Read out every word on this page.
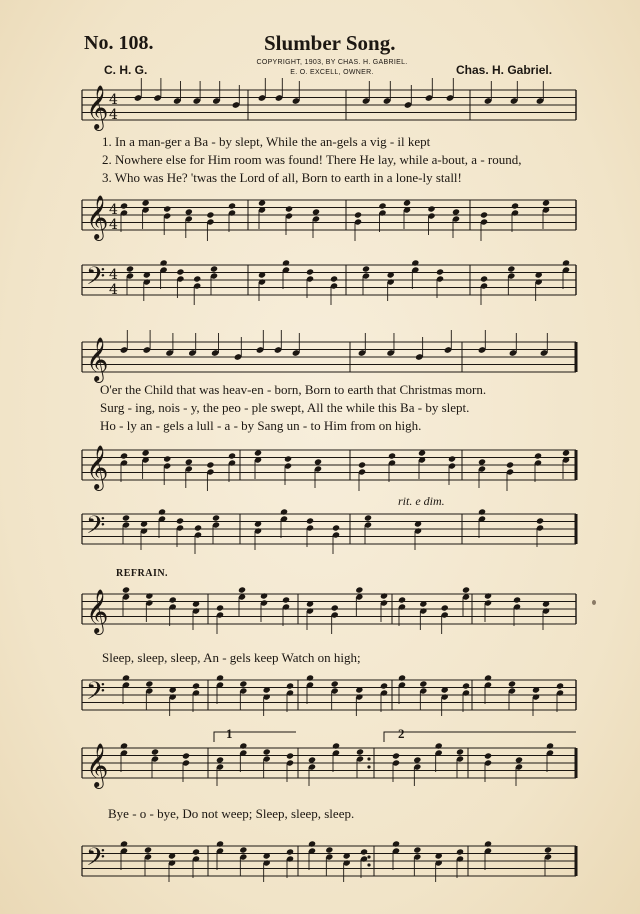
𝄞 4
4
𝄞 4
4
𝄢 4
4
𝄞
𝄞
𝄢
𝄞
𝄢
𝄞
𝄢
No. 108.	Slumber Song.
C. H. G.
COPYRIGHT, 1903, BY CHAS. H. GABRIEL.
E. O. EXCELL, OWNER.	Chas. H. Gabriel.
1. In a man-ger a Ba - by slept, While the an-gels a vig - il kept
2. Nowhere else for Him room was found! There He lay, while a-bout, a - round,
3. Who was He? 'twas the Lord of all, Born to earth in a lone-ly stall!
O'er the Child that was heav-en - born, Born to earth that Christmas morn.
Surg - ing, nois - y, the peo - ple swept, All the while this Ba - by slept.
Ho - ly an - gels a lull - a - by Sang un - to Him from on high.
rit. e dim.
REFRAIN.
Sleep, sleep, sleep, An - gels keep Watch on high;
Bye - o - bye, Do not weep; Sleep, sleep, sleep.
1	2
